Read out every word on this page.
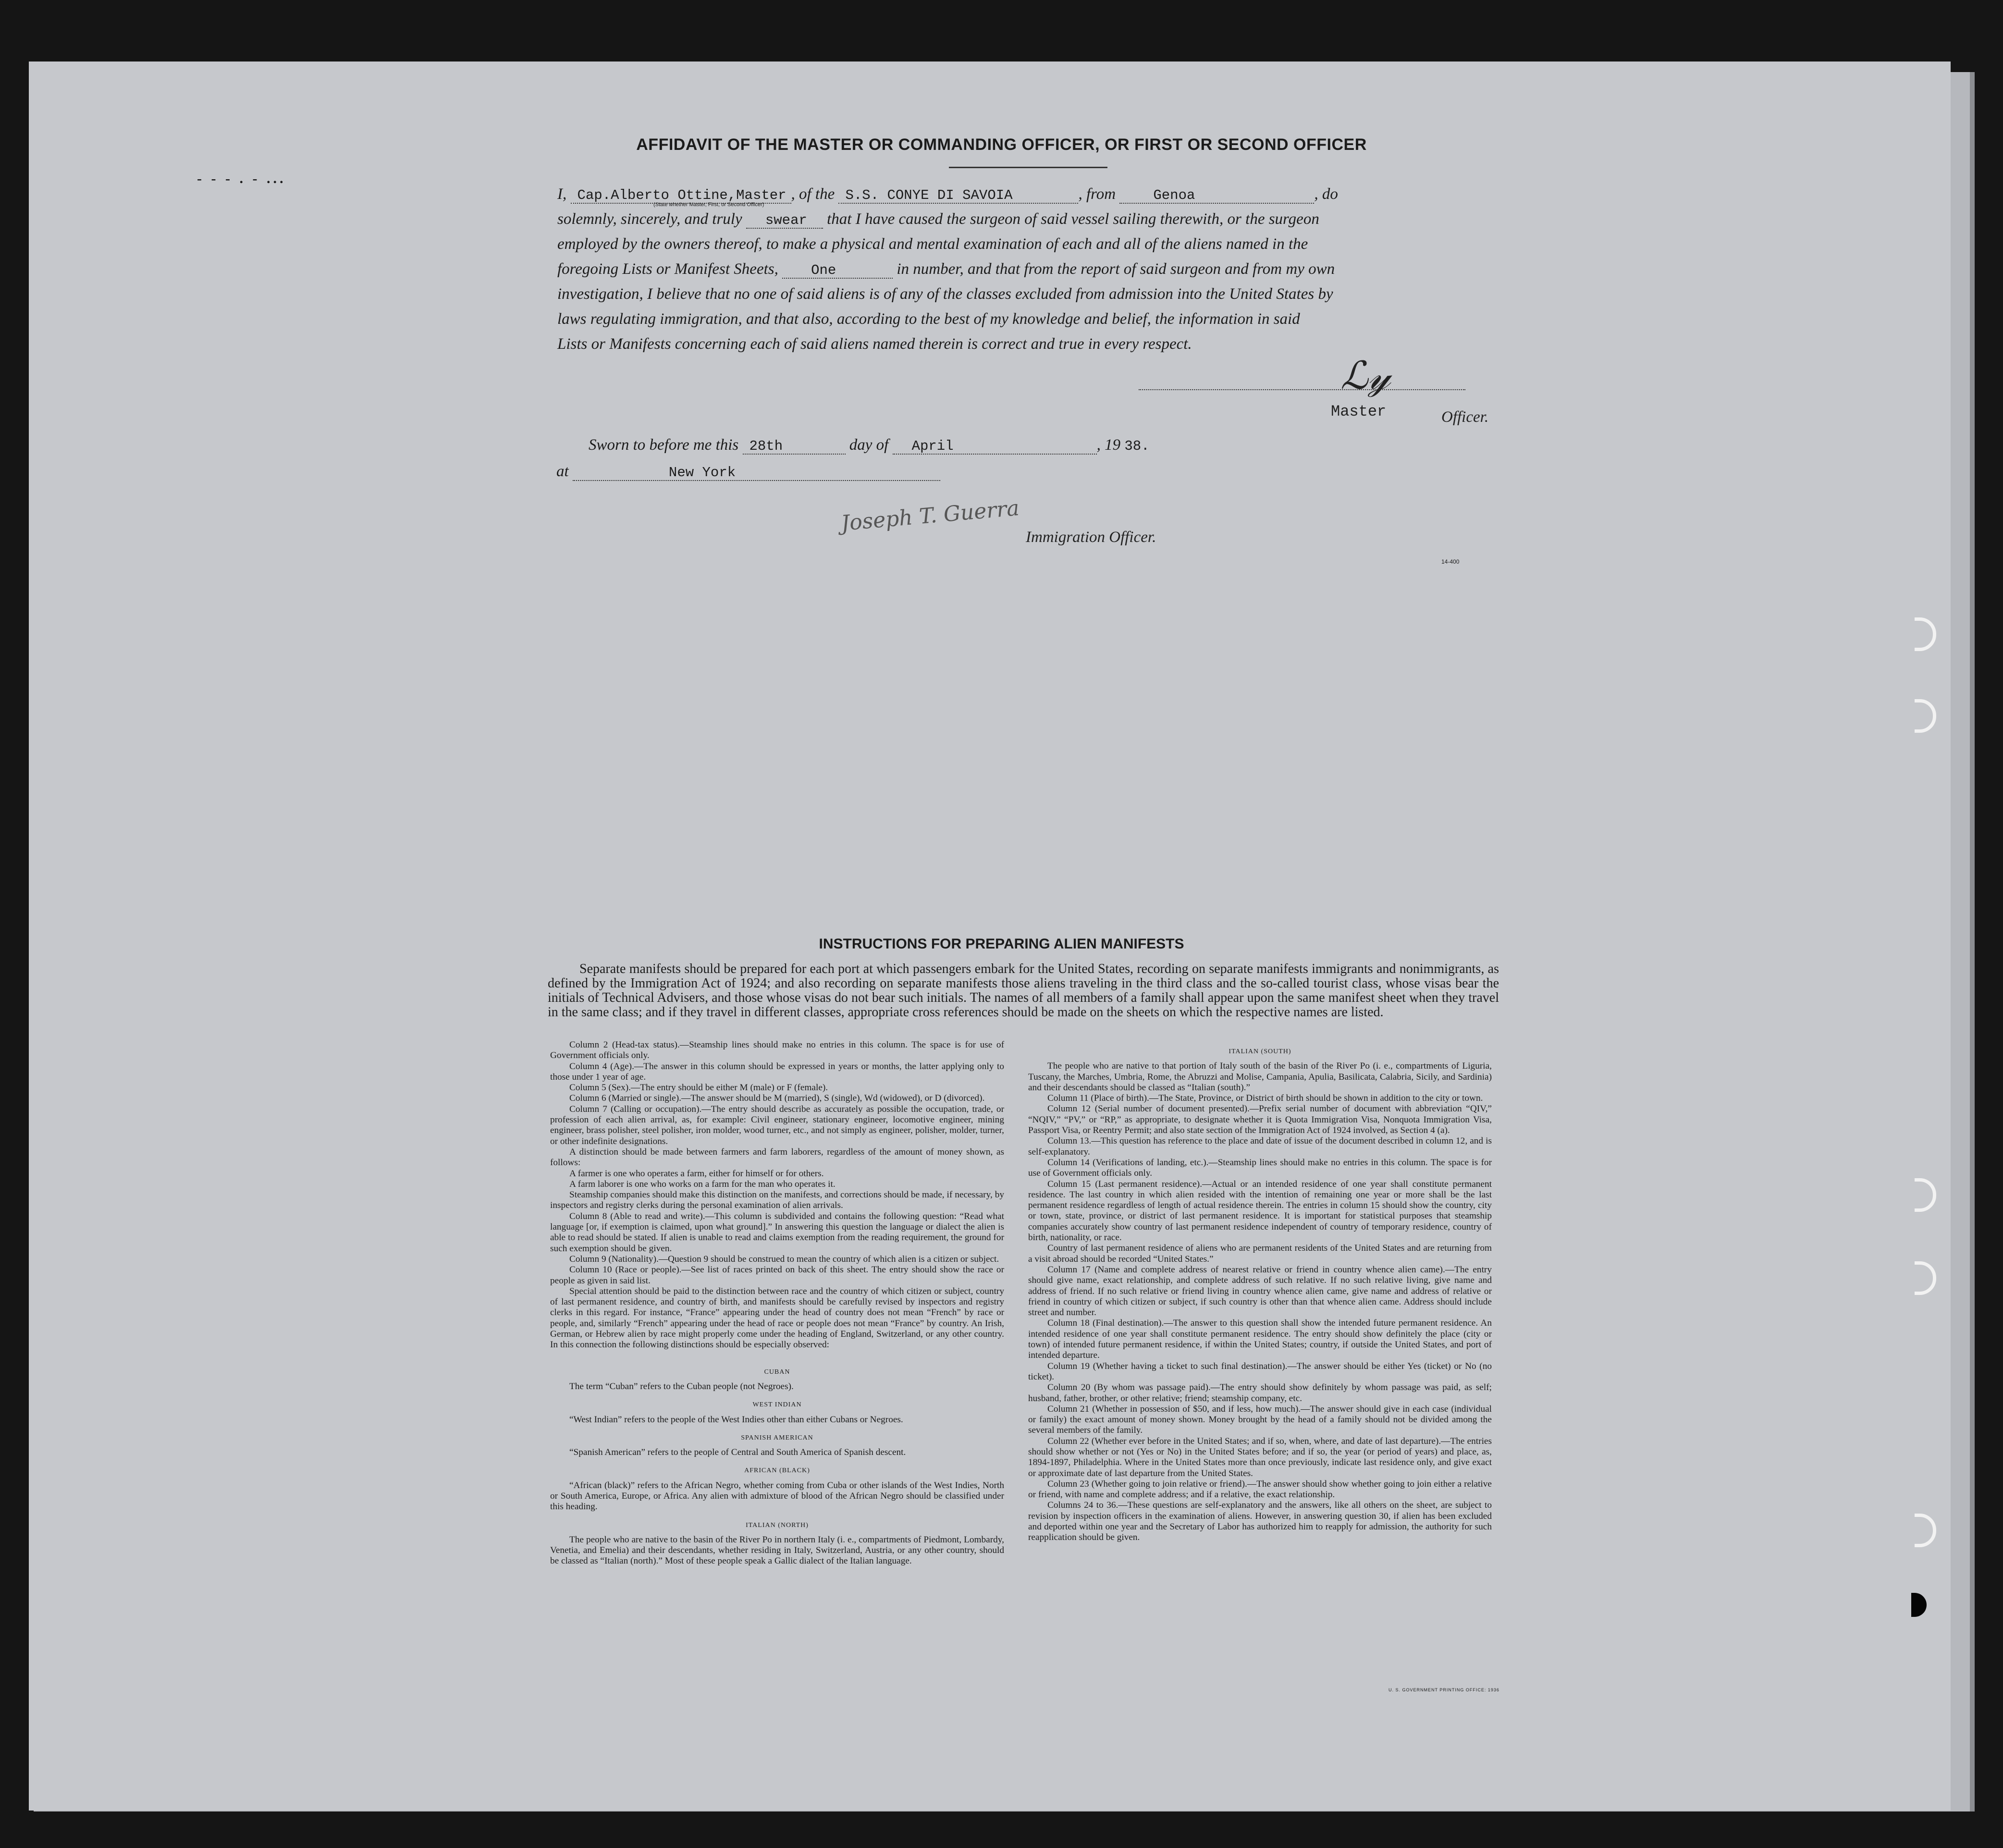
- - - . - ...
AFFIDAVIT OF THE MASTER OR COMMANDING OFFICER, OR FIRST OR SECOND OFFICER

I, Cap.Alberto Ottine,Master , of the S.S. CONYE DI SAVOIA	, from	Genoa	, do

solemnly, sincerely, and truly swear that I have caused the surgeon of said vessel sailing therewith, or the surgeon

employed by the owners thereof, to make a physical and mental examination of each and all of the aliens named in the

foregoing Lists or Manifest Sheets, One	in number, and that from the report of said surgeon and from my own

investigation, I believe that no one of said aliens is of any of the classes excluded from admission into the United States by

laws regulating immigration, and that also, according to the best of my knowledge and belief, the information in said

Lists or Manifests concerning each of said aliens named therein is correct and true in every respect.

(State whether Master, First, or Second Officer)
ℒ𝓎
Master	Officer.

Sworn to before me this 28th	day of April	, 19 38.

at	New York

Joseph T. Guerra
Immigration Officer.
14-400
INSTRUCTIONS FOR PREPARING ALIEN MANIFESTS
Separate manifests should be prepared for each port at which passengers embark for the United States, recording on separate manifests immigrants and nonimmigrants, as defined by the Immigration Act of 1924; and also recording on separate manifests those aliens traveling in the third class and the so-called tourist class, whose visas bear the initials of Technical Advisers, and those whose visas do not bear such initials. The names of all members of a family shall appear upon the same manifest sheet when they travel in the same class; and if they travel in different classes, appropriate cross references should be made on the sheets on which the respective names are listed.

Column 2 (Head-tax status).—Steamship lines should make no entries in this column. The space is for use of Government officials only.

Column 4 (Age).—The answer in this column should be expressed in years or months, the latter applying only to those under 1 year of age.

Column 5 (Sex).—The entry should be either M (male) or F (female).

Column 6 (Married or single).—The answer should be M (married), S (single), Wd (widowed), or D (divorced).

Column 7 (Calling or occupation).—The entry should describe as accurately as possible the occupation, trade, or profession of each alien arrival, as, for example: Civil engineer, stationary engineer, locomotive engineer, mining engineer, brass polisher, steel polisher, iron molder, wood turner, etc., and not simply as engineer, polisher, molder, turner, or other indefinite designations.

A distinction should be made between farmers and farm laborers, regardless of the amount of money shown, as follows:

A farmer is one who operates a farm, either for himself or for others.

A farm laborer is one who works on a farm for the man who operates it.

Steamship companies should make this distinction on the manifests, and corrections should be made, if necessary, by inspectors and registry clerks during the personal examination of alien arrivals.

Column 8 (Able to read and write).—This column is subdivided and contains the following question: “Read what language [or, if exemption is claimed, upon what ground].” In answering this question the language or dialect the alien is able to read should be stated. If alien is unable to read and claims exemption from the reading requirement, the ground for such exemption should be given.

Column 9 (Nationality).—Question 9 should be construed to mean the country of which alien is a citizen or subject.

Column 10 (Race or people).—See list of races printed on back of this sheet. The entry should show the race or people as given in said list.

Special attention should be paid to the distinction between race and the country of which citizen or subject, country of last permanent residence, and country of birth, and manifests should be carefully revised by inspectors and registry clerks in this regard. For instance, “France” appearing under the head of country does not mean “French” by race or people, and, similarly “French” appearing under the head of race or people does not mean “France” by country. An Irish, German, or Hebrew alien by race might properly come under the heading of England, Switzerland, or any other country. In this connection the following distinctions should be especially observed:

CUBAN

The term “Cuban” refers to the Cuban people (not Negroes).

WEST INDIAN

“West Indian” refers to the people of the West Indies other than either Cubans or Negroes.

SPANISH AMERICAN

“Spanish American” refers to the people of Central and South America of Spanish descent.

AFRICAN (BLACK)

“African (black)” refers to the African Negro, whether coming from Cuba or other islands of the West Indies, North or South America, Europe, or Africa. Any alien with admixture of blood of the African Negro should be classified under this heading.

ITALIAN (NORTH)

The people who are native to the basin of the River Po in northern Italy (i. e., compartments of Piedmont, Lombardy, Venetia, and Emelia) and their descendants, whether residing in Italy, Switzerland, Austria, or any other country, should be classed as “Italian (north).” Most of these people speak a Gallic dialect of the Italian language.

ITALIAN (SOUTH)

The people who are native to that portion of Italy south of the basin of the River Po (i. e., compartments of Liguria, Tuscany, the Marches, Umbria, Rome, the Abruzzi and Molise, Campania, Apulia, Basilicata, Calabria, Sicily, and Sardinia) and their descendants should be classed as “Italian (south).”

Column 11 (Place of birth).—The State, Province, or District of birth should be shown in addition to the city or town.

Column 12 (Serial number of document presented).—Prefix serial number of document with abbreviation “QIV,” “NQIV,” “PV,” or “RP,” as appropriate, to designate whether it is Quota Immigration Visa, Nonquota Immigration Visa, Passport Visa, or Reentry Permit; and also state section of the Immigration Act of 1924 involved, as Section 4 (a).

Column 13.—This question has reference to the place and date of issue of the document described in column 12, and is self-explanatory.

Column 14 (Verifications of landing, etc.).—Steamship lines should make no entries in this column. The space is for use of Government officials only.

Column 15 (Last permanent residence).—Actual or an intended residence of one year shall constitute permanent residence. The last country in which alien resided with the intention of remaining one year or more shall be the last permanent residence regardless of length of actual residence therein. The entries in column 15 should show the country, city or town, state, province, or district of last permanent residence. It is important for statistical purposes that steamship companies accurately show country of last permanent residence independent of country of temporary residence, country of birth, nationality, or race.

Country of last permanent residence of aliens who are permanent residents of the United States and are returning from a visit abroad should be recorded “United States.”

Column 17 (Name and complete address of nearest relative or friend in country whence alien came).—The entry should give name, exact relationship, and complete address of such relative. If no such relative living, give name and address of friend. If no such relative or friend living in country whence alien came, give name and address of relative or friend in country of which citizen or subject, if such country is other than that whence alien came. Address should include street and number.

Column 18 (Final destination).—The answer to this question shall show the intended future permanent residence. An intended residence of one year shall constitute permanent residence. The entry should show definitely the place (city or town) of intended future permanent residence, if within the United States; country, if outside the United States, and port of intended departure.

Column 19 (Whether having a ticket to such final destination).—The answer should be either Yes (ticket) or No (no ticket).

Column 20 (By whom was passage paid).—The entry should show definitely by whom passage was paid, as self; husband, father, brother, or other relative; friend; steamship company, etc.

Column 21 (Whether in possession of $50, and if less, how much).—The answer should give in each case (individual or family) the exact amount of money shown. Money brought by the head of a family should not be divided among the several members of the family.

Column 22 (Whether ever before in the United States; and if so, when, where, and date of last departure).—The entries should show whether or not (Yes or No) in the United States before; and if so, the year (or period of years) and place, as, 1894-1897, Philadelphia. Where in the United States more than once previously, indicate last residence only, and give exact or approximate date of last departure from the United States.

Column 23 (Whether going to join relative or friend).—The answer should show whether going to join either a relative or friend, with name and complete address; and if a relative, the exact relationship.

Columns 24 to 36.—These questions are self-explanatory and the answers, like all others on the sheet, are subject to revision by inspection officers in the examination of aliens. However, in answering question 30, if alien has been excluded and deported within one year and the Secretary of Labor has authorized him to reapply for admission, the authority for such reapplication should be given.

U. S. GOVERNMENT PRINTING OFFICE: 1936
